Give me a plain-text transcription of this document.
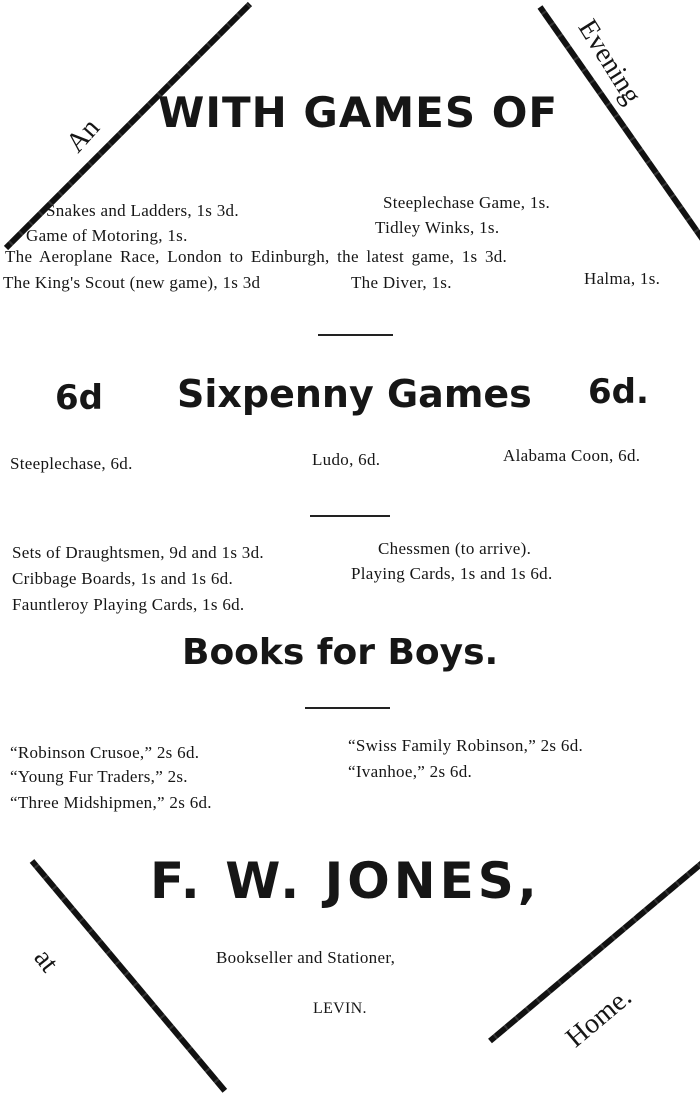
An
Evening
at
Home.
WITH GAMES OF
Snakes and Ladders, 1s 3d.	Steeplechase Game, 1s.
Game of Motoring, 1s.	Tidley Winks, 1s.
The Aeroplane Race, London to Edinburgh, the latest game, 1s 3d.
The King's Scout (new game), 1s 3d	The Diver, 1s.	Halma, 1s.
6d Sixpenny Games 6d.
Steeplechase, 6d.	Ludo, 6d.	Alabama Coon, 6d.
Sets of Draughtsmen, 9d and 1s 3d.	Chessmen (to arrive).
Cribbage Boards, 1s and 1s 6d.	Playing Cards, 1s and 1s 6d.
Fauntleroy Playing Cards, 1s 6d.
Books for Boys.
“Robinson Crusoe,” 2s 6d.	“Swiss Family Robinson,” 2s 6d.
“Young Fur Traders,” 2s.	“Ivanhoe,” 2s 6d.
“Three Midshipmen,” 2s 6d.
F. W. JONES,
Bookseller and Stationer,
LEVIN.
